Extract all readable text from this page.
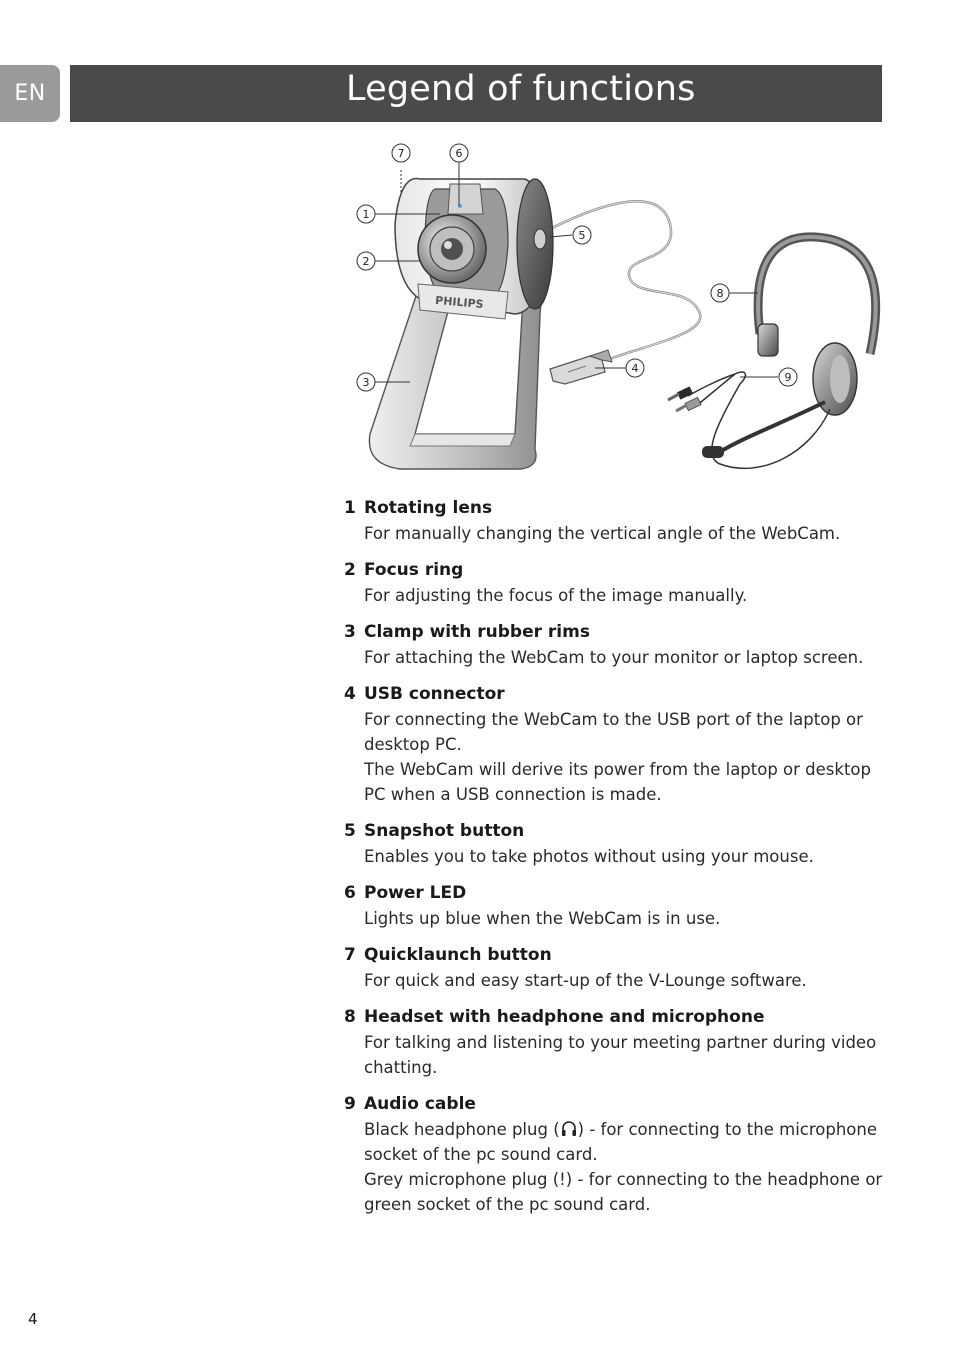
EN	Legend of functions
PHILIPS
7	6
1
2
3
5
4
8
9
1 Rotating lens
For manually changing the vertical angle of the WebCam.
2 Focus ring
For adjusting the focus of the image manually.
3 Clamp with rubber rims
For attaching the WebCam to your monitor or laptop screen.
4 USB connector
For connecting the WebCam to the USB port of the laptop or
desktop PC.
The WebCam will derive its power from the laptop or desktop
PC when a USB connection is made.
5 Snapshot button
Enables you to take photos without using your mouse.
6 Power LED
Lights up blue when the WebCam is in use.
7 Quicklaunch button
For quick and easy start-up of the V-Lounge software.
8 Headset with headphone and microphone
For talking and listening to your meeting partner during video
chatting.
9 Audio cable
Black headphone plug ( ) - for connecting to the microphone
socket of the pc sound card.
Grey microphone plug (!) - for connecting to the headphone or
green socket of the pc sound card.
4
